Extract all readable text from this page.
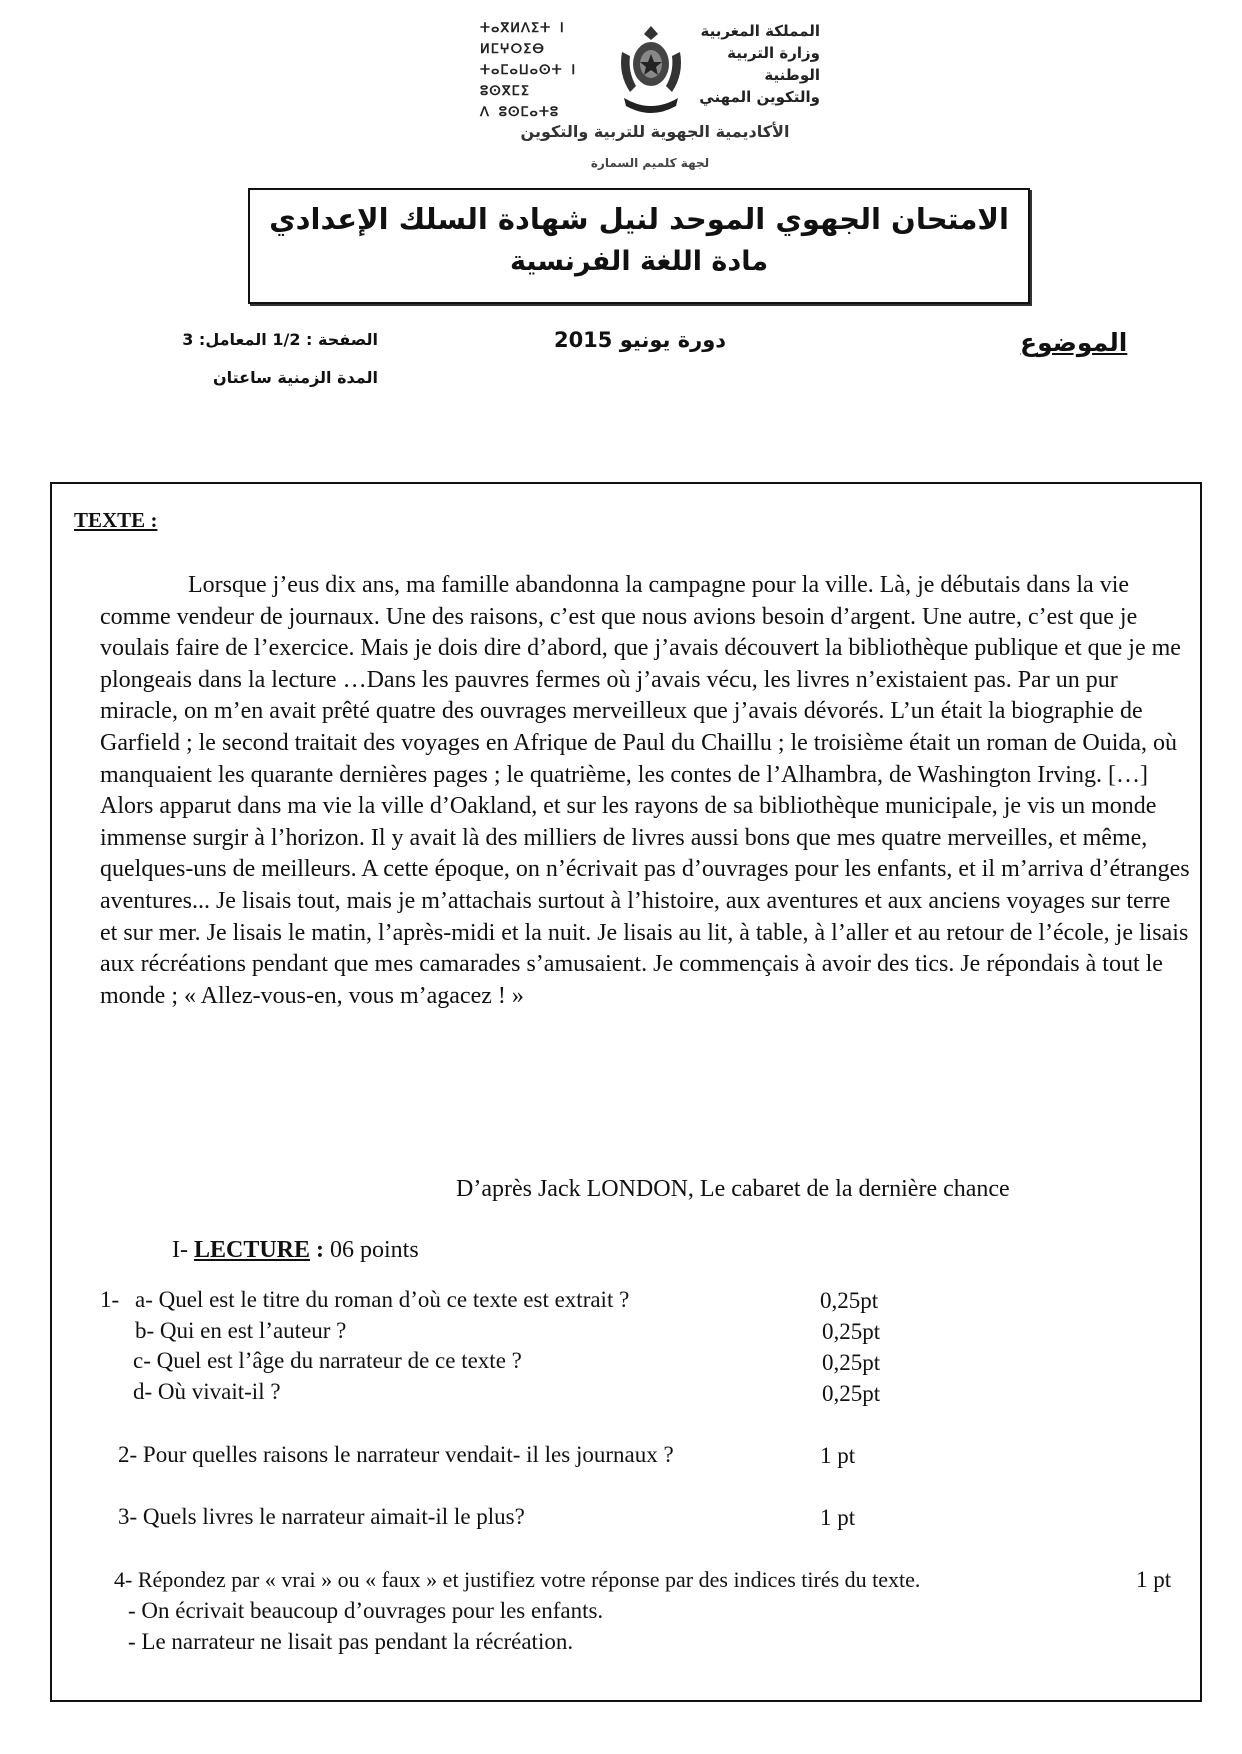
ⵜⴰⴳⵍⴷⵉⵜ ⵏ ⵍⵎⵖⵔⵉⴱ
ⵜⴰⵎⴰⵡⴰⵙⵜ ⵏ ⵓⵙⴳⵎⵉ
ⴷ ⵓⵙⵎⴰⵜⵓ
المملكة المغربية
وزارة التربية الوطنية
والتكوين المهني
الأكاديمية الجهوية للتربية والتكوين
لجهة كلميم السمارة
الامتحان الجهوي الموحد لنيل شهادة السلك الإعدادي
مادة اللغة الفرنسية
الموضوع
دورة يونيو 2015
الصفحة : 1/2 المعامل: 3
المدة الزمنية ساعتان
TEXTE :

Lorsque j’eus dix ans, ma famille abandonna la campagne pour la ville. Là, je débutais dans la vie comme vendeur de journaux. Une des raisons, c’est que nous avions besoin d’argent. Une autre, c’est que je voulais faire de l’exercice. Mais je dois dire d’abord, que j’avais découvert la bibliothèque publique et que je me plongeais dans la lecture …Dans les pauvres fermes où j’avais vécu, les livres n’existaient pas. Par un pur miracle, on m’en avait prêté quatre des ouvrages merveilleux que j’avais dévorés. L’un était la biographie de Garfield ; le second traitait des voyages en Afrique de Paul du Chaillu ; le troisième était un roman de Ouida, où manquaient les quarante dernières pages ; le quatrième, les contes de l’Alhambra, de Washington Irving. […]

Alors apparut dans ma vie la ville d’Oakland, et sur les rayons de sa bibliothèque municipale, je vis un monde immense surgir à l’horizon. Il y avait là des milliers de livres aussi bons que mes quatre merveilles, et même, quelques-uns de meilleurs. A cette époque, on n’écrivait pas d’ouvrages pour les enfants, et il m’arriva d’étranges aventures... Je lisais tout, mais je m’attachais surtout à l’histoire, aux aventures et aux anciens voyages sur terre et sur mer. Je lisais le matin, l’après-midi et la nuit. Je lisais au lit, à table, à l’aller et au retour de l’école, je lisais aux récréations pendant que mes camarades s’amusaient. Je commençais à avoir des tics. Je répondais à tout le monde ; « Allez-vous-en, vous m’agacez ! »

D’après Jack LONDON, Le cabaret de la dernière chance
I- LECTURE : 06 points
1- a- Quel est le titre du roman d’où ce texte est extrait ?	0,25pt
b- Qui en est l’auteur ?	0,25pt
c- Quel est l’âge du narrateur de ce texte ?	0,25pt
d- Où vivait-il ?	0,25pt
2- Pour quelles raisons le narrateur vendait- il les journaux ?	1 pt
3- Quels livres le narrateur aimait-il le plus?	1 pt
4- Répondez par « vrai » ou « faux » et justifiez votre réponse par des indices tirés du texte.	1 pt
- On écrivait beaucoup d’ouvrages pour les enfants.
- Le narrateur ne lisait pas pendant la récréation.
